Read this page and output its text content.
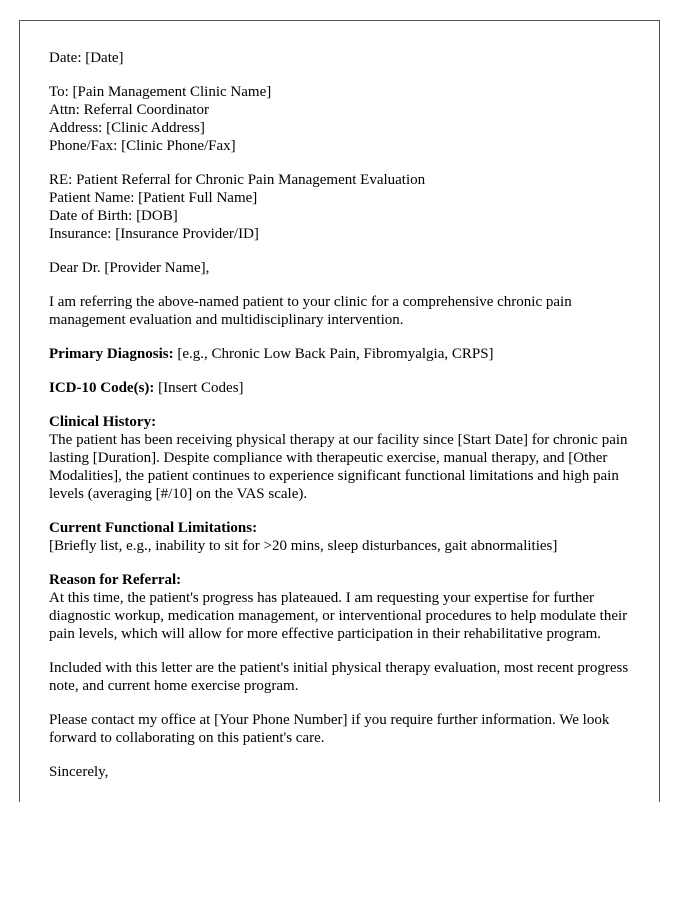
Date: [Date]
To: [Pain Management Clinic Name]
Attn: Referral Coordinator
Address: [Clinic Address]
Phone/Fax: [Clinic Phone/Fax]
RE: Patient Referral for Chronic Pain Management Evaluation
Patient Name: [Patient Full Name]
Date of Birth: [DOB]
Insurance: [Insurance Provider/ID]

Dear Dr. [Provider Name],

I am referring the above-named patient to your clinic for a comprehensive chronic pain management evaluation and multidisciplinary intervention.

Primary Diagnosis: [e.g., Chronic Low Back Pain, Fibromyalgia, CRPS]

ICD-10 Code(s): [Insert Codes]

Clinical History:
The patient has been receiving physical therapy at our facility since [Start Date] for chronic pain lasting [Duration]. Despite compliance with therapeutic exercise, manual therapy, and [Other Modalities], the patient continues to experience significant functional limitations and high pain levels (averaging [#/10] on the VAS scale).

Current Functional Limitations:
[Briefly list, e.g., inability to sit for >20 mins, sleep disturbances, gait abnormalities]

Reason for Referral:
At this time, the patient's progress has plateaued. I am requesting your expertise for further diagnostic workup, medication management, or interventional procedures to help modulate their pain levels, which will allow for more effective participation in their rehabilitative program.

Included with this letter are the patient's initial physical therapy evaluation, most recent progress note, and current home exercise program.

Please contact my office at [Your Phone Number] if you require further information. We look forward to collaborating on this patient's care.

Sincerely,
